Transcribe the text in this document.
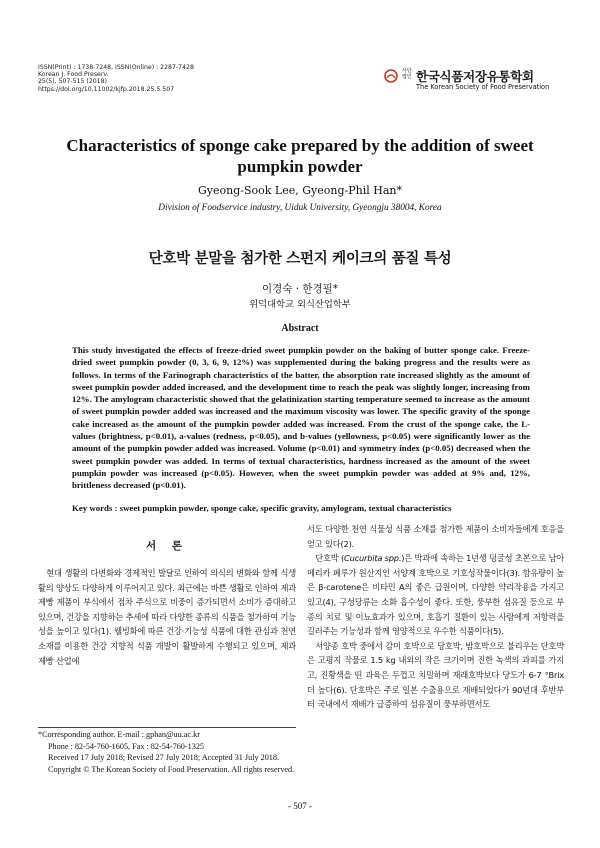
ISSN(Print) : 1738-7248, ISSN(Online) : 2287-7428
Korean J. Food Preserv.
25(5), 507-515 (2018)
https://doi.org/10.11002/kjfp.2018.25.5.507
사단법인 한국식품저장유통학회
The Korean Society of Food Preservation
Characteristics of sponge cake prepared by the addition of sweet pumpkin powder
Gyeong-Sook Lee, Gyeong-Phil Han*
Division of Foodservice industry, Uiduk University, Gyeongju 38004, Korea
단호박 분말을 첨가한 스펀지 케이크의 품질 특성
이경숙 · 한경필*
위덕대학교 외식산업학부
Abstract

This study investigated the effects of freeze-dried sweet pumpkin powder on the baking of butter sponge cake. Freeze-dried sweet pumpkin powder (0, 3, 6, 9, 12%) was supplemented during the baking progress and the results were as follows. In terms of the Farinograph characteristics of the batter, the absorption rate increased slightly as the amount of sweet pumpkin powder added increased, and the development time to reach the peak was slightly longer, increasing from 12%. The amylogram characteristic showed that the gelatinization starting temperature seemed to increase as the amount of sweet pumpkin powder added was increased and the maximum viscosity was lower. The specific gravity of the sponge cake increased as the amount of the pumpkin powder added was increased. From the crust of the sponge cake, the L-values (brightness, p<0.01), a-values (redness, p<0.05), and b-values (yellowness, p<0.05) were significantly lower as the amount of the pumpkin powder added was increased. Volume (p<0.01) and symmetry index (p<0.05) decreased when the sweet pumpkin powder was added. In terms of textual characteristics, hardness increased as the amount of the sweet pumpkin powder was increased (p<0.05). However, when the sweet pumpkin powder was added at 9% and, 12%, brittleness decreased (p<0.01).

Key words : sweet pumpkin powder, sponge cake, specific gravity, amylogram, textual characteristics
서 론

현대 생활의 다변화와 경제적인 발달로 인하여 의식의 변화와 함께 식생활의 양상도 다양하게 이루어지고 있다. 최근에는 바쁜 생활로 인하여 제과 제빵 제품이 부식에서 점차 주식으로 비중이 증가되면서 소비가 증대하고 있으며, 건강을 지향하는 추세에 따라 다양한 종류의 식품을 첨가하여 기능성을 높이고 있다(1). 웰빙화에 따른 건강·기능성 식품에 대한 관심과 천연소재를 이용한 건강 지향적 식품 개발이 활발하게 수행되고 있으며, 제과 제빵 산업에

서도 다양한 천연 식물성 식품 소재를 첨가한 제품이 소비자들에게 호응을 얻고 있다(2).

단호박 (Cucurbita spp.)은 박과에 속하는 1년생 덩굴성 초본으로 남아메리카 페루가 원산지인 서양계 호박으로 기호성작물이다(3). 함유량이 높은 β-carotene은 비타민 A의 좋은 급원이며, 다양한 약리작용을 가지고 있고(4), 구성당류는 소화 흡수성이 좋다. 또한, 풍부한 섬유질 등으로 부종의 치료 및 이뇨효과가 있으며, 호흡기 질환이 있는 사람에게 저항력을 길러주는 기능성과 함께 영양적으로 우수한 식품이다(5).

서양종 호박 중에서 감미 호박으로 당호박, 밤호박으로 불리우는 단호박은 고평지 작물로 1.5 kg 내외의 작은 크기이며 진한 녹색의 과피를 가지고, 진황색을 띤 과육은 두껍고 치밀하며 재래호박보다 당도가 6-7 °Brix 더 높다(6). 단호박은 주로 일본 수출용으로 재배되었다가 90년대 후반부터 국내에서 재배가 급증하여 섬유질이 풍부하면서도

*Corresponding author. E-mail : gphan@uu.ac.kr
Phone : 82-54-760-1605, Fax : 82-54-760-1325
Received 17 July 2018; Revised 27 July 2018; Accepted 31 July 2018.
Copyright © The Korean Society of Food Preservation. All rights reserved.
- 507 -
